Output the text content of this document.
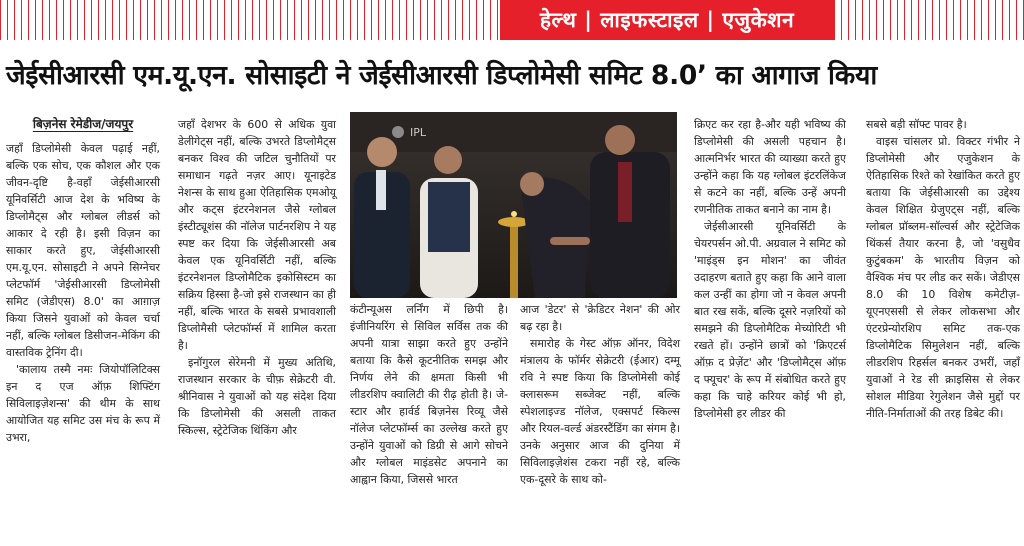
हेल्थ | लाइफस्टाइल | एजुकेशन
जेईसीआरसी एम.यू.एन. सोसाइटी ने जेईसीआरसी डिप्लोमेसी समिट 8.0’ का आगाज किया
बिज़नेस रेमेडीज/जयपुर

जहाँ डिप्लोमेसी केवल पढ़ाई नहीं, बल्कि एक सोच, एक कौशल और एक जीवन-दृष्टि है-वहाँ जेईसीआरसी यूनिवर्सिटी आज देश के भविष्य के डिप्लोमैट्स और ग्लोबल लीडर्स को आकार दे रही है। इसी विज़न का साकार करते हुए, जेईसीआरसी एम.यू.एन. सोसाइटी ने अपने सिग्नेचर प्लेटफॉर्म 'जेईसीआरसी डिप्लोमेसी समिट (जेडीएस) 8.0' का आग़ाज़ किया जिसने युवाओं को केवल चर्चा नहीं, बल्कि ग्लोबल डिसीजन-मेकिंग की वास्तविक ट्रेनिंग दी।

'कालाय तस्मै नमः जियोपॉलिटिक्स इन द एज ऑफ़ शिफ्टिंग सिविलाइज़ेशन्स' की थीम के साथ आयोजित यह समिट उस मंच के रूप में उभरा,

जहाँ देशभर के 600 से अधिक युवा डेलीगेट्स नहीं, बल्कि उभरते डिप्लोमैट्स बनकर विश्व की जटिल चुनौतियों पर समाधान गढ़ते नज़र आए। यूनाइटेड नेशन्स के साथ हुआ ऐतिहासिक एमओयू और कट्स इंटरनेशनल जैसे ग्लोबल इंस्टीट्यूशंस की नॉलेज पार्टनरशिप ने यह स्पष्ट कर दिया कि जेईसीआरसी अब केवल एक यूनिवर्सिटी नहीं, बल्कि इंटरनेशनल डिप्लोमैटिक इकोसिस्टम का सक्रिय हिस्सा है-जो इसे राजस्थान का ही नहीं, बल्कि भारत के सबसे प्रभावशाली डिप्लोमैसी प्लेटफॉर्म्स में शामिल करता है।

इनॉगुरल सेरेमनी में मुख्य अतिथि, राजस्थान सरकार के चीफ़ सेक्रेटरी वी. श्रीनिवास ने युवाओं को यह संदेश दिया कि डिप्लोमेसी की असली ताकत स्किल्स, स्ट्रेटेजिक थिंकिंग और

IPL

कंटीन्यूअस लर्निंग में छिपी है। इंजीनियरिंग से सिविल सर्विस तक की अपनी यात्रा साझा करते हुए उन्होंने बताया कि कैसे कूटनीतिक समझ और निर्णय लेने की क्षमता किसी भी लीडरशिप क्वालिटी की रीढ़ होती है। जे-स्टार और हार्वर्ड बिज़नेस रिव्यू जैसे नॉलेज प्लेटफॉर्म्स का उल्लेख करते हुए उन्होंने युवाओं को डिग्री से आगे सोचने और ग्लोबल माइंडसेट अपनाने का आह्वान किया, जिससे भारत

आज 'डेटर' से 'क्रेडिटर नेशन' की ओर बढ़ रहा है।

समारोह के गेस्ट ऑफ़ ऑनर, विदेश मंत्रालय के फॉर्मर सेक्रेटरी (ईआर) दम्मू रवि ने स्पष्ट किया कि डिप्लोमेसी कोई क्लासरूम सब्जेक्ट नहीं, बल्कि स्पेशलाइज्ड नॉलेज, एक्सपर्ट स्किल्स और रियल-वर्ल्ड अंडरस्टैंडिंग का संगम है। उनके अनुसार आज की दुनिया में सिविलाइज़ेशंस टकरा नहीं रहे, बल्कि एक-दूसरे के साथ को-

क्रिएट कर रहा है-और यही भविष्य की डिप्लोमेसी की असली पहचान है। आत्मनिर्भर भारत की व्याख्या करते हुए उन्होंने कहा कि यह ग्लोबल इंटरलिंकेज से कटने का नहीं, बल्कि उन्हें अपनी रणनीतिक ताकत बनाने का नाम है।

जेईसीआरसी यूनिवर्सिटी के चेयरपर्सन ओ.पी. अग्रवाल ने समिट को 'माइंड्स इन मोशन' का जीवंत उदाहरण बताते हुए कहा कि आने वाला कल उन्हीं का होगा जो न केवल अपनी बात रख सकें, बल्कि दूसरे नज़रियों को समझने की डिप्लोमैटिक मेच्योरिटी भी रखते हों। उन्होंने छात्रों को 'क्रिएटर्स ऑफ़ द प्रेज़ेंट' और 'डिप्लोमैट्स ऑफ़ द फ्यूचर' के रूप में संबोधित करते हुए कहा कि चाहे करियर कोई भी हो, डिप्लोमेसी हर लीडर की

सबसे बड़ी सॉफ्ट पावर है।

वाइस चांसलर प्रो. विक्टर गंभीर ने डिप्लोमेसी और एजुकेशन के ऐतिहासिक रिश्ते को रेखांकित करते हुए बताया कि जेईसीआरसी का उद्देश्य केवल शिक्षित ग्रेजुएट्स नहीं, बल्कि ग्लोबल प्रॉब्लम-सॉल्वर्स और स्ट्रेटेजिक थिंकर्स तैयार करना है, जो 'वसुधैव कुटुंबकम' के भारतीय विज़न को वैश्विक मंच पर लीड कर सकें। जेडीएस 8.0 की 10 विशेष कमेटीज़-यूएनएससी से लेकर लोकसभा और एंटरप्रेन्योरशिप समिट तक-एक डिप्लोमैटिक सिमुलेशन नहीं, बल्कि लीडरशिप रिहर्सल बनकर उभरीं, जहाँ युवाओं ने रेड सी क्राइसिस से लेकर सोशल मीडिया रेगुलेशन जैसे मुद्दों पर नीति-निर्माताओं की तरह डिबेट की।
